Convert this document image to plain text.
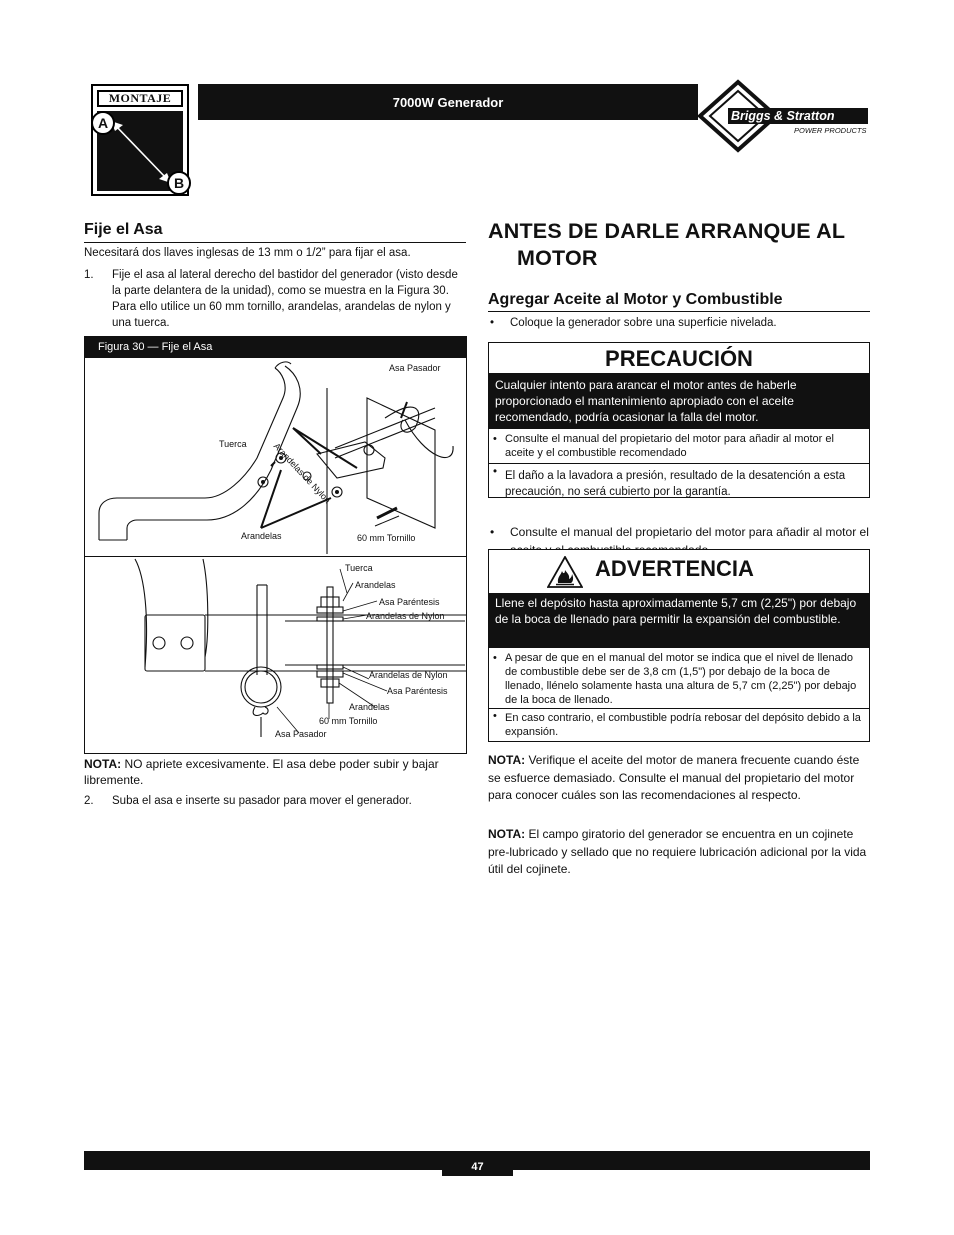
MONTAJE
A
B
7000W Generador
Briggs & Stratton
POWER PRODUCTS
Fije el Asa
Necesitará dos llaves inglesas de 13 mm o 1/2” para fijar el asa.
1. Fije el asa al lateral derecho del bastidor del generador (visto desde la parte delantera de la unidad), como se muestra en la Figura 30. Para ello utilice un 60 mm tornillo, arandelas, arandelas de nylon y una tuerca.
Figura 30 — Fije el Asa
Asa Pasador
Tuerca	Arandelas de Nylon
Arandelas	60 mm Tornillo
Tuerca
Arandelas
Asa Paréntesis
Arandelas de Nylon
Arandelas de Nylon
Asa Paréntesis
Arandelas
60 mm Tornillo
Asa Pasador
NOTA: NO apriete excesivamente. El asa debe poder subir y bajar libremente.
2. Suba el asa e inserte su pasador para mover el generador.
ANTES DE DARLE ARRANQUE AL
MOTOR
Agregar Aceite al Motor y Combustible
• Coloque la generador sobre una superficie nivelada.
PRECAUCIÓN
Cualquier intento para arancar el motor antes de haberle proporcionado el mantenimiento apropiado con el aceite recomendado, podría ocasionar la falla del motor.
• Consulte el manual del propietario del motor para añadir al motor el aceite y el combustible recomendado
• El daño a la lavadora a presión, resultado de la desatención a esta precaución, no será cubierto por la garantía.
• Consulte el manual del propietario del motor para añadir al motor el
ADVERTENCIA
Llene el depósito hasta aproximadamente 5,7 cm (2,25") por debajo de la boca de llenado para permitir la expansión del combustible.
• A pesar de que en el manual del motor se indica que el nivel de llenado de combustible debe ser de 3,8 cm (1,5") por debajo de la boca de llenado, llénelo solamente hasta una altura de 5,7 cm (2,25") por debajo de la boca de llenado.
• En caso contrario, el combustible podría rebosar del depósito debido a la expansión.
NOTA: Verifique el aceite del motor de manera frecuente cuando éste se esfuerce demasiado. Consulte el manual del propietario del motor para conocer cuáles son las recomendaciones al respecto.
NOTA: El campo giratorio del generador se encuentra en un cojinete pre-lubricado y sellado que no requiere lubricación adicional por la vida útil del cojinete.
47
